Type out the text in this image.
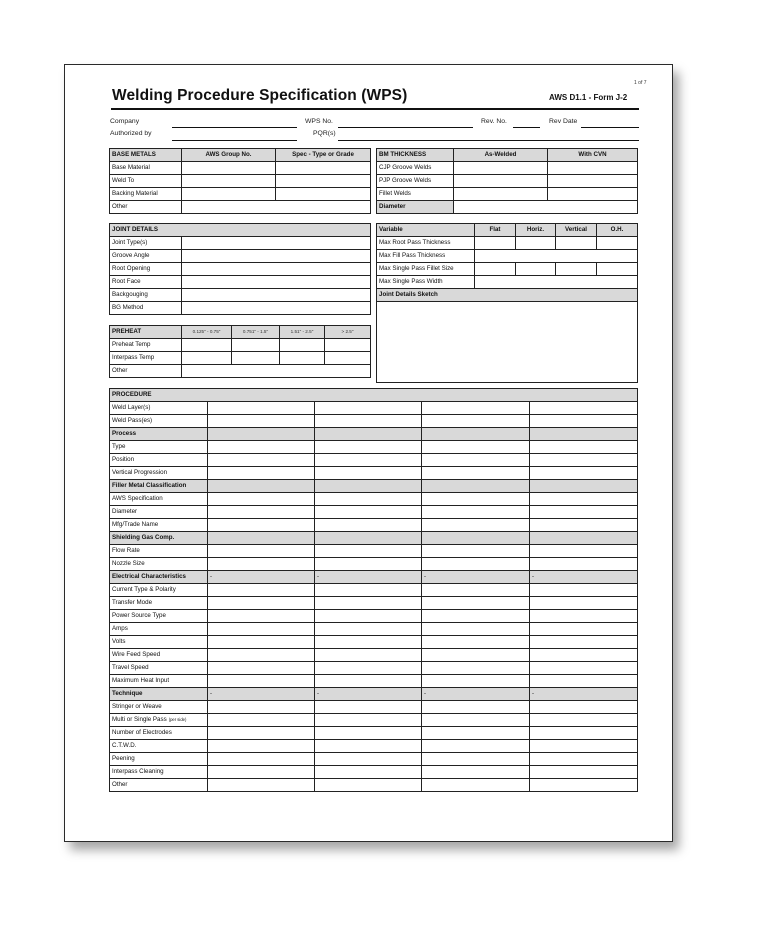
1 of 7
Welding Procedure Specification (WPS)	AWS D1.1 - Form J-2
Company	WPS No.	Rev. No.	Rev Date
Authorized by	PQR(s)
BASE METALS	AWS Group No.	Spec - Type or Grade
Base Material		
Weld To		
Backing Material		
Other		
BM THICKNESS	As-Welded	With CVN
CJP Groove Welds		
PJP Groove Welds		
Fillet Welds		
Diameter		
JOINT DETAILS	
Joint Type(s)	
Groove Angle	
Root Opening	
Root Face	
Backgouging	
BG Method	
Variable	Flat	Horiz.	Vertical	O.H.
Max Root Pass Thickness				
Max Fill Pass Thickness				
Max Single Pass Fillet Size				
Max Single Pass Width				
Joint Details Sketch				

PREHEAT	0.125" - 0.75"	0.751" - 1.5"	1.51" - 2.5"	> 2.5"
Preheat Temp				
Interpass Temp				
Other				
PROCEDURE				
Weld Layer(s)				
Weld Pass(es)				
Process				
Type				
Position				
Vertical Progression				
Filler Metal Classification				
AWS Specification				
Diameter				
Mfg/Trade Name				
Shielding Gas Comp.				
Flow Rate				
Nozzle Size				
Electrical Characteristics	-	-	-	-
Current Type & Polarity				
Transfer Mode				
Power Source Type				
Amps				
Volts				
Wire Feed Speed				
Travel Speed				
Maximum Heat Input				
Technique	-	-	-	-
Stringer or Weave				
Multi or Single Pass (per side)				
Number of Electrodes				
C.T.W.D.				
Peening				
Interpass Cleaning				
Other				
